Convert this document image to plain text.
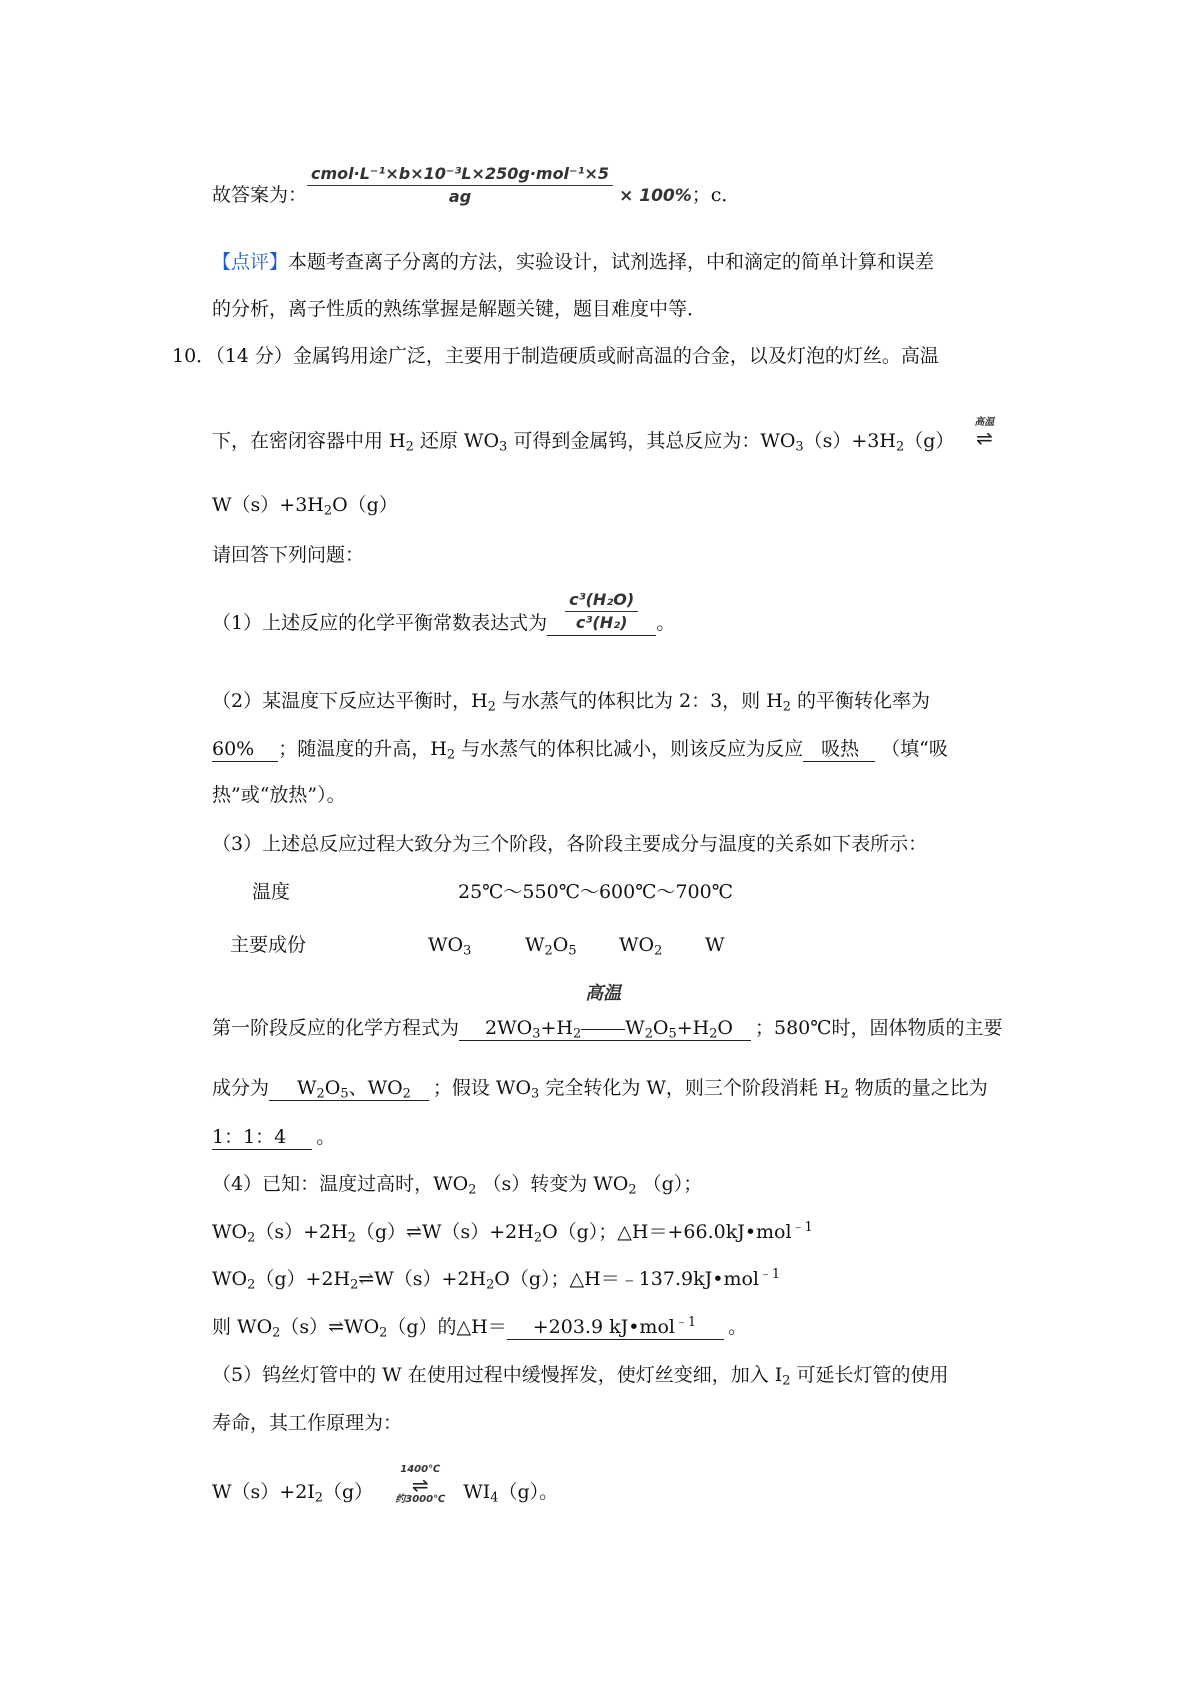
故答案为： $\frac{\text{cmol·L⁻¹×b×10⁻³L×250g·mol⁻¹×5}}{ag} \times 100\%$；c．
【点评】本题考查离子分离的方法，实验设计，试剂选择，中和滴定的简单计算和误差
的分析，离子性质的熟练掌握是解题关键，题目难度中等．
10．（14 分）金属钨用途广泛，主要用于制造硬质或耐高温的合金，以及灯泡的灯丝。高温
下，在密闭容器中用 $H_2$ 还原 $WO_3$ 可得到金属钨，其总反应为：$WO_3(s)+3H_2(g)$
高温
⇌
$W(s)+3H_2O(g)$
请回答下列问题：
（1）上述反应的化学平衡常数表达式为 $\frac{\text{c³(H₂O)}}{\text{c³(H₂)}}$ 。
（2）某温度下反应达平衡时，$H_2$ 与水蒸气的体积比为 2：3，则 $H_2$ 的平衡转化率为
60% ；随温度的升高，$H_2$ 与水蒸气的体积比减小，则该反应为反应 吸热 （填“吸
热”或“放热”）。
（3）上述总反应过程大致分为三个阶段，各阶段主要成分与温度的关系如下表所示：
温度	25℃～550℃～600℃～700℃
主要成份	$WO_3$	$W_2O_5$ $WO_2$ W
第一阶段反应的化学方程式为 $2WO_3+H_2$
高温
$W_2O_5+H_2O$ ；580℃时，固体物质的主要
成分为 $W_2O_5$、$WO_2$ ；假设 $WO_3$ 完全转化为 W，则三个阶段消耗 $H_2$ 物质的量之比为
1：1：4 。
（4）已知：温度过高时，$WO_2$ （s）转变为 $WO_2$ （g）；
$WO_2(s)+2H_2(g)\rightleftharpoons W(s)+2H_2O(g)$；△H＝+66.0kJ•mol$^{﹣1}$
$WO_2(g)+2H_2\rightleftharpoons W(s)+2H_2O(g)$；△H＝﹣137.9kJ•mol$^{﹣1}$
则 $WO_2(s)\rightleftharpoons WO_2(g)$的△H＝ +203.9 kJ•mol$^{﹣1}$ 。
（5）钨丝灯管中的 W 在使用过程中缓慢挥发，使灯丝变细，加入 $I_2$ 可延长灯管的使用
寿命，其工作原理为：
$W(s)+2I_2(g)$
1400℃
⇌
约3000℃ $WI_4(g)$。
